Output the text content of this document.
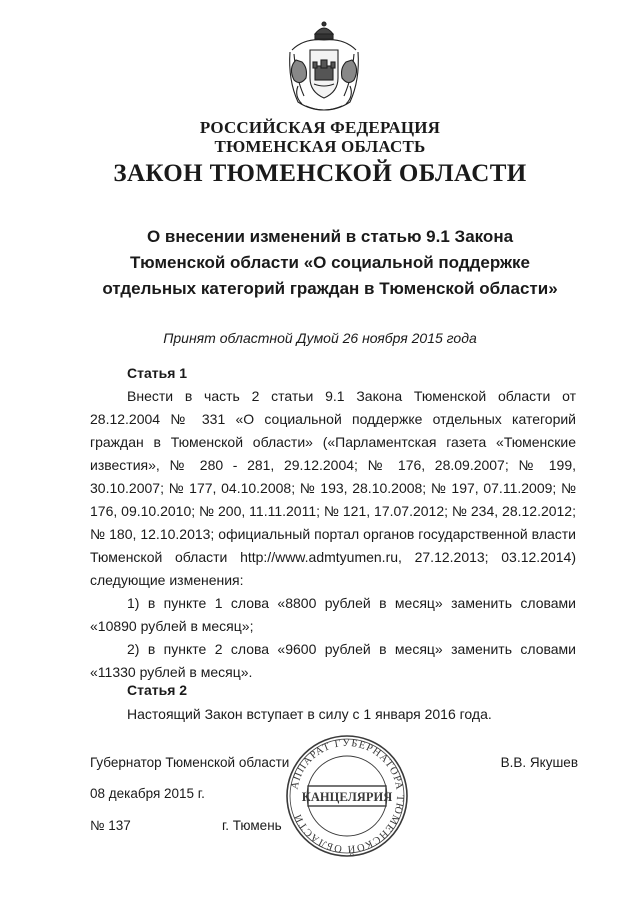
РОССИЙСКАЯ ФЕДЕРАЦИЯ
ТЮМЕНСКАЯ ОБЛАСТЬ
ЗАКОН ТЮМЕНСКОЙ ОБЛАСТИ
О внесении изменений в статью 9.1 Закона
Тюменской области «О социальной поддержке
отдельных категорий граждан в Тюменской области»
Принят областной Думой 26 ноября 2015 года
Статья 1

Внести в часть 2 статьи 9.1 Закона Тюменской области от 28.12.2004 № 331 «О социальной поддержке отдельных категорий граждан в Тюменской области» («Парламентская газета «Тюменские известия», № 280 - 281, 29.12.2004; № 176, 28.09.2007; № 199, 30.10.2007; № 177, 04.10.2008; № 193, 28.10.2008; № 197, 07.11.2009; № 176, 09.10.2010; № 200, 11.11.2011; № 121, 17.07.2012; № 234, 28.12.2012; № 180, 12.10.2013; официальный портал органов государственной власти Тюменской области http://www.admtyumen.ru, 27.12.2013; 03.12.2014) следующие изменения:

1) в пункте 1 слова «8800 рублей в месяц» заменить словами «10890 рублей в месяц»;

2) в пункте 2 слова «9600 рублей в месяц» заменить словами «11330 рублей в месяц».

Статья 2

Настоящий Закон вступает в силу с 1 января 2016 года.

Губернатор Тюменской области	В.В. Якушев
08 декабря 2015 г.
№ 137	г. Тюмень
АППАРАТ ГУБЕРНАТОРА ТЮМЕНСКОЙ ОБЛАСТИ
КАНЦЕЛЯРИЯ
